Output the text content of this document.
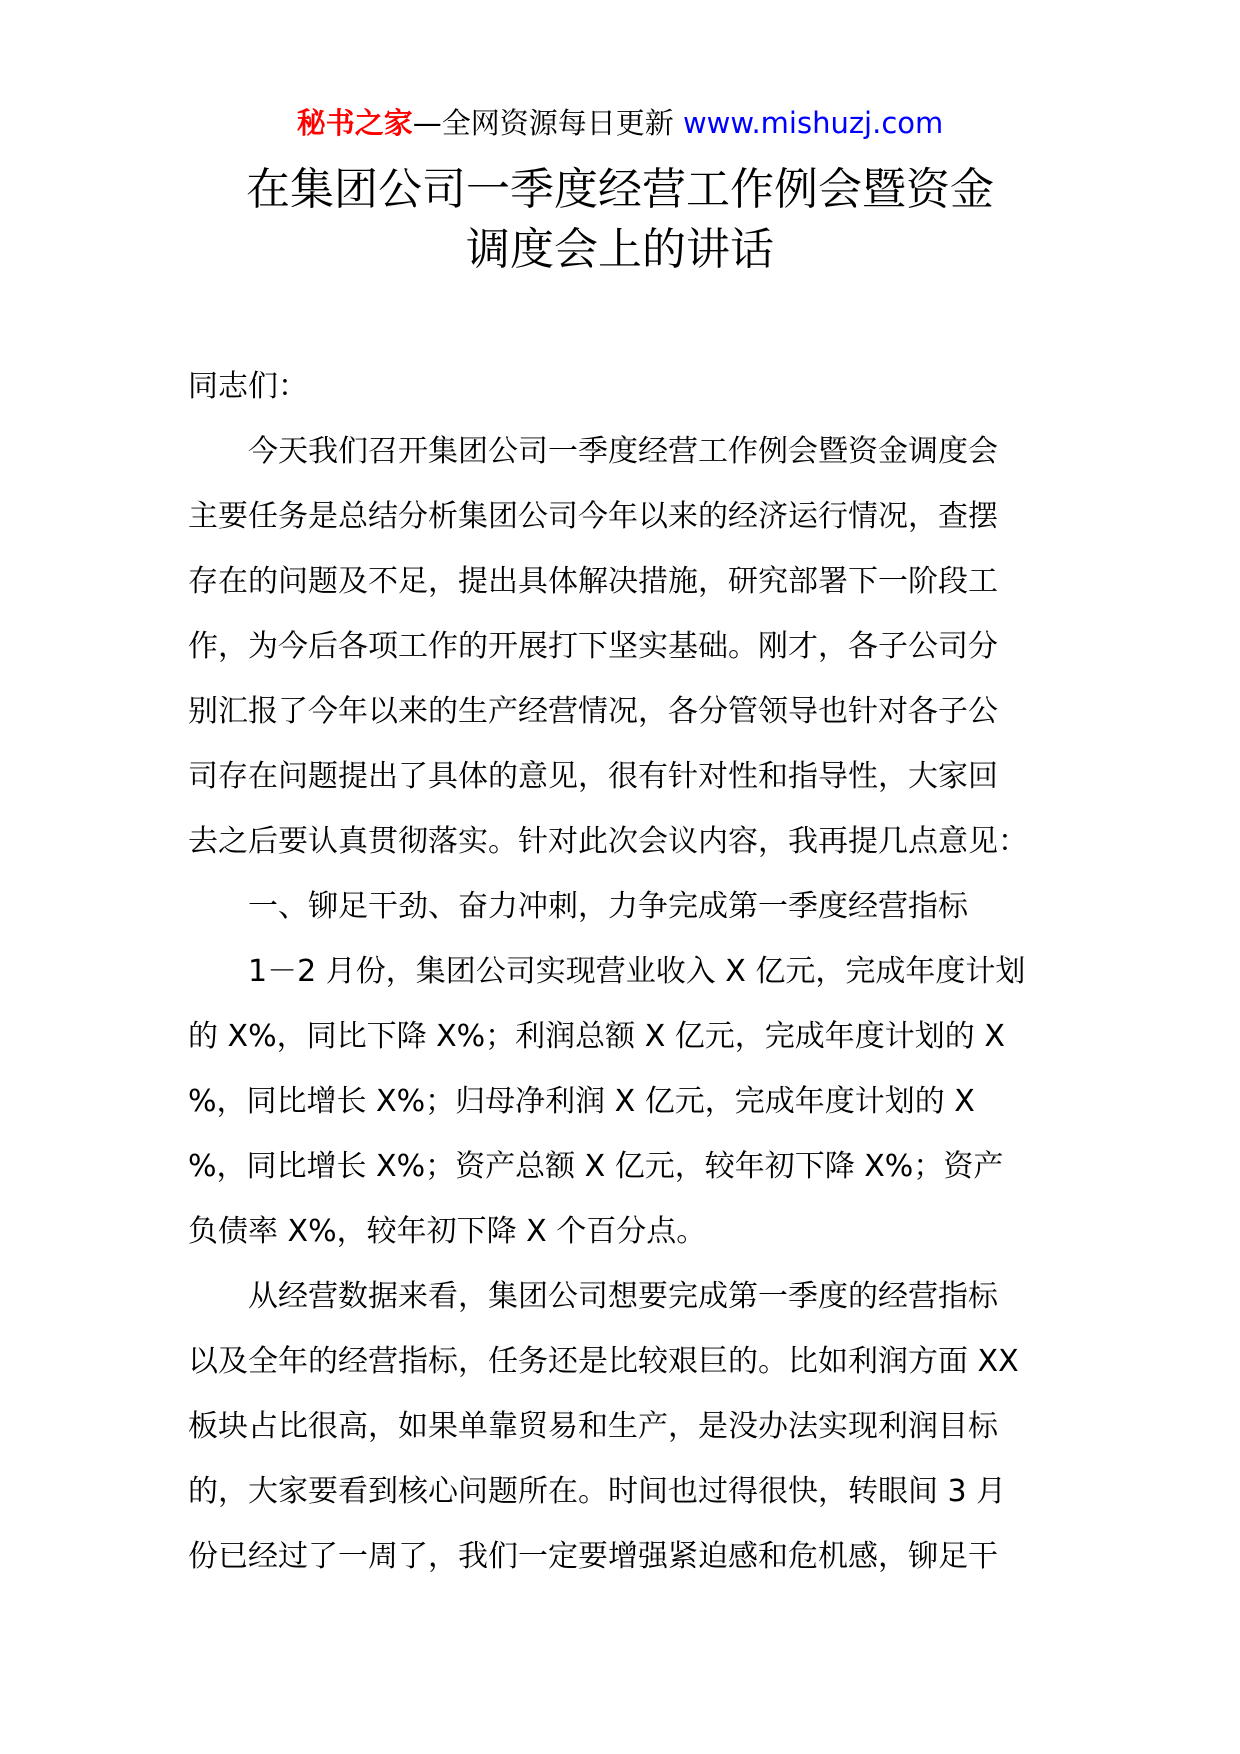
秘书之家—全网资源每日更新 www.mishuzj.com
在集团公司一季度经营工作例会暨资金
调度会上的讲话
同志们：
今天我们召开集团公司一季度经营工作例会暨资金调度会
主要任务是总结分析集团公司今年以来的经济运行情况，查摆
存在的问题及不足，提出具体解决措施，研究部署下一阶段工
作，为今后各项工作的开展打下坚实基础。刚才，各子公司分
别汇报了今年以来的生产经营情况，各分管领导也针对各子公
司存在问题提出了具体的意见，很有针对性和指导性，大家回
去之后要认真贯彻落实。针对此次会议内容，我再提几点意见：
一、铆足干劲、奋力冲刺，力争完成第一季度经营指标
1－2 月份，集团公司实现营业收入 X 亿元，完成年度计划
的 X%，同比下降 X%；利润总额 X 亿元，完成年度计划的 X
%，同比增长 X%；归母净利润 X 亿元，完成年度计划的 X
%，同比增长 X%；资产总额 X 亿元，较年初下降 X%；资产
负债率 X%，较年初下降 X 个百分点。
从经营数据来看，集团公司想要完成第一季度的经营指标
以及全年的经营指标，任务还是比较艰巨的。比如利润方面 XX
板块占比很高，如果单靠贸易和生产，是没办法实现利润目标
的，大家要看到核心问题所在。时间也过得很快，转眼间 3 月
份已经过了一周了，我们一定要增强紧迫感和危机感，铆足干
